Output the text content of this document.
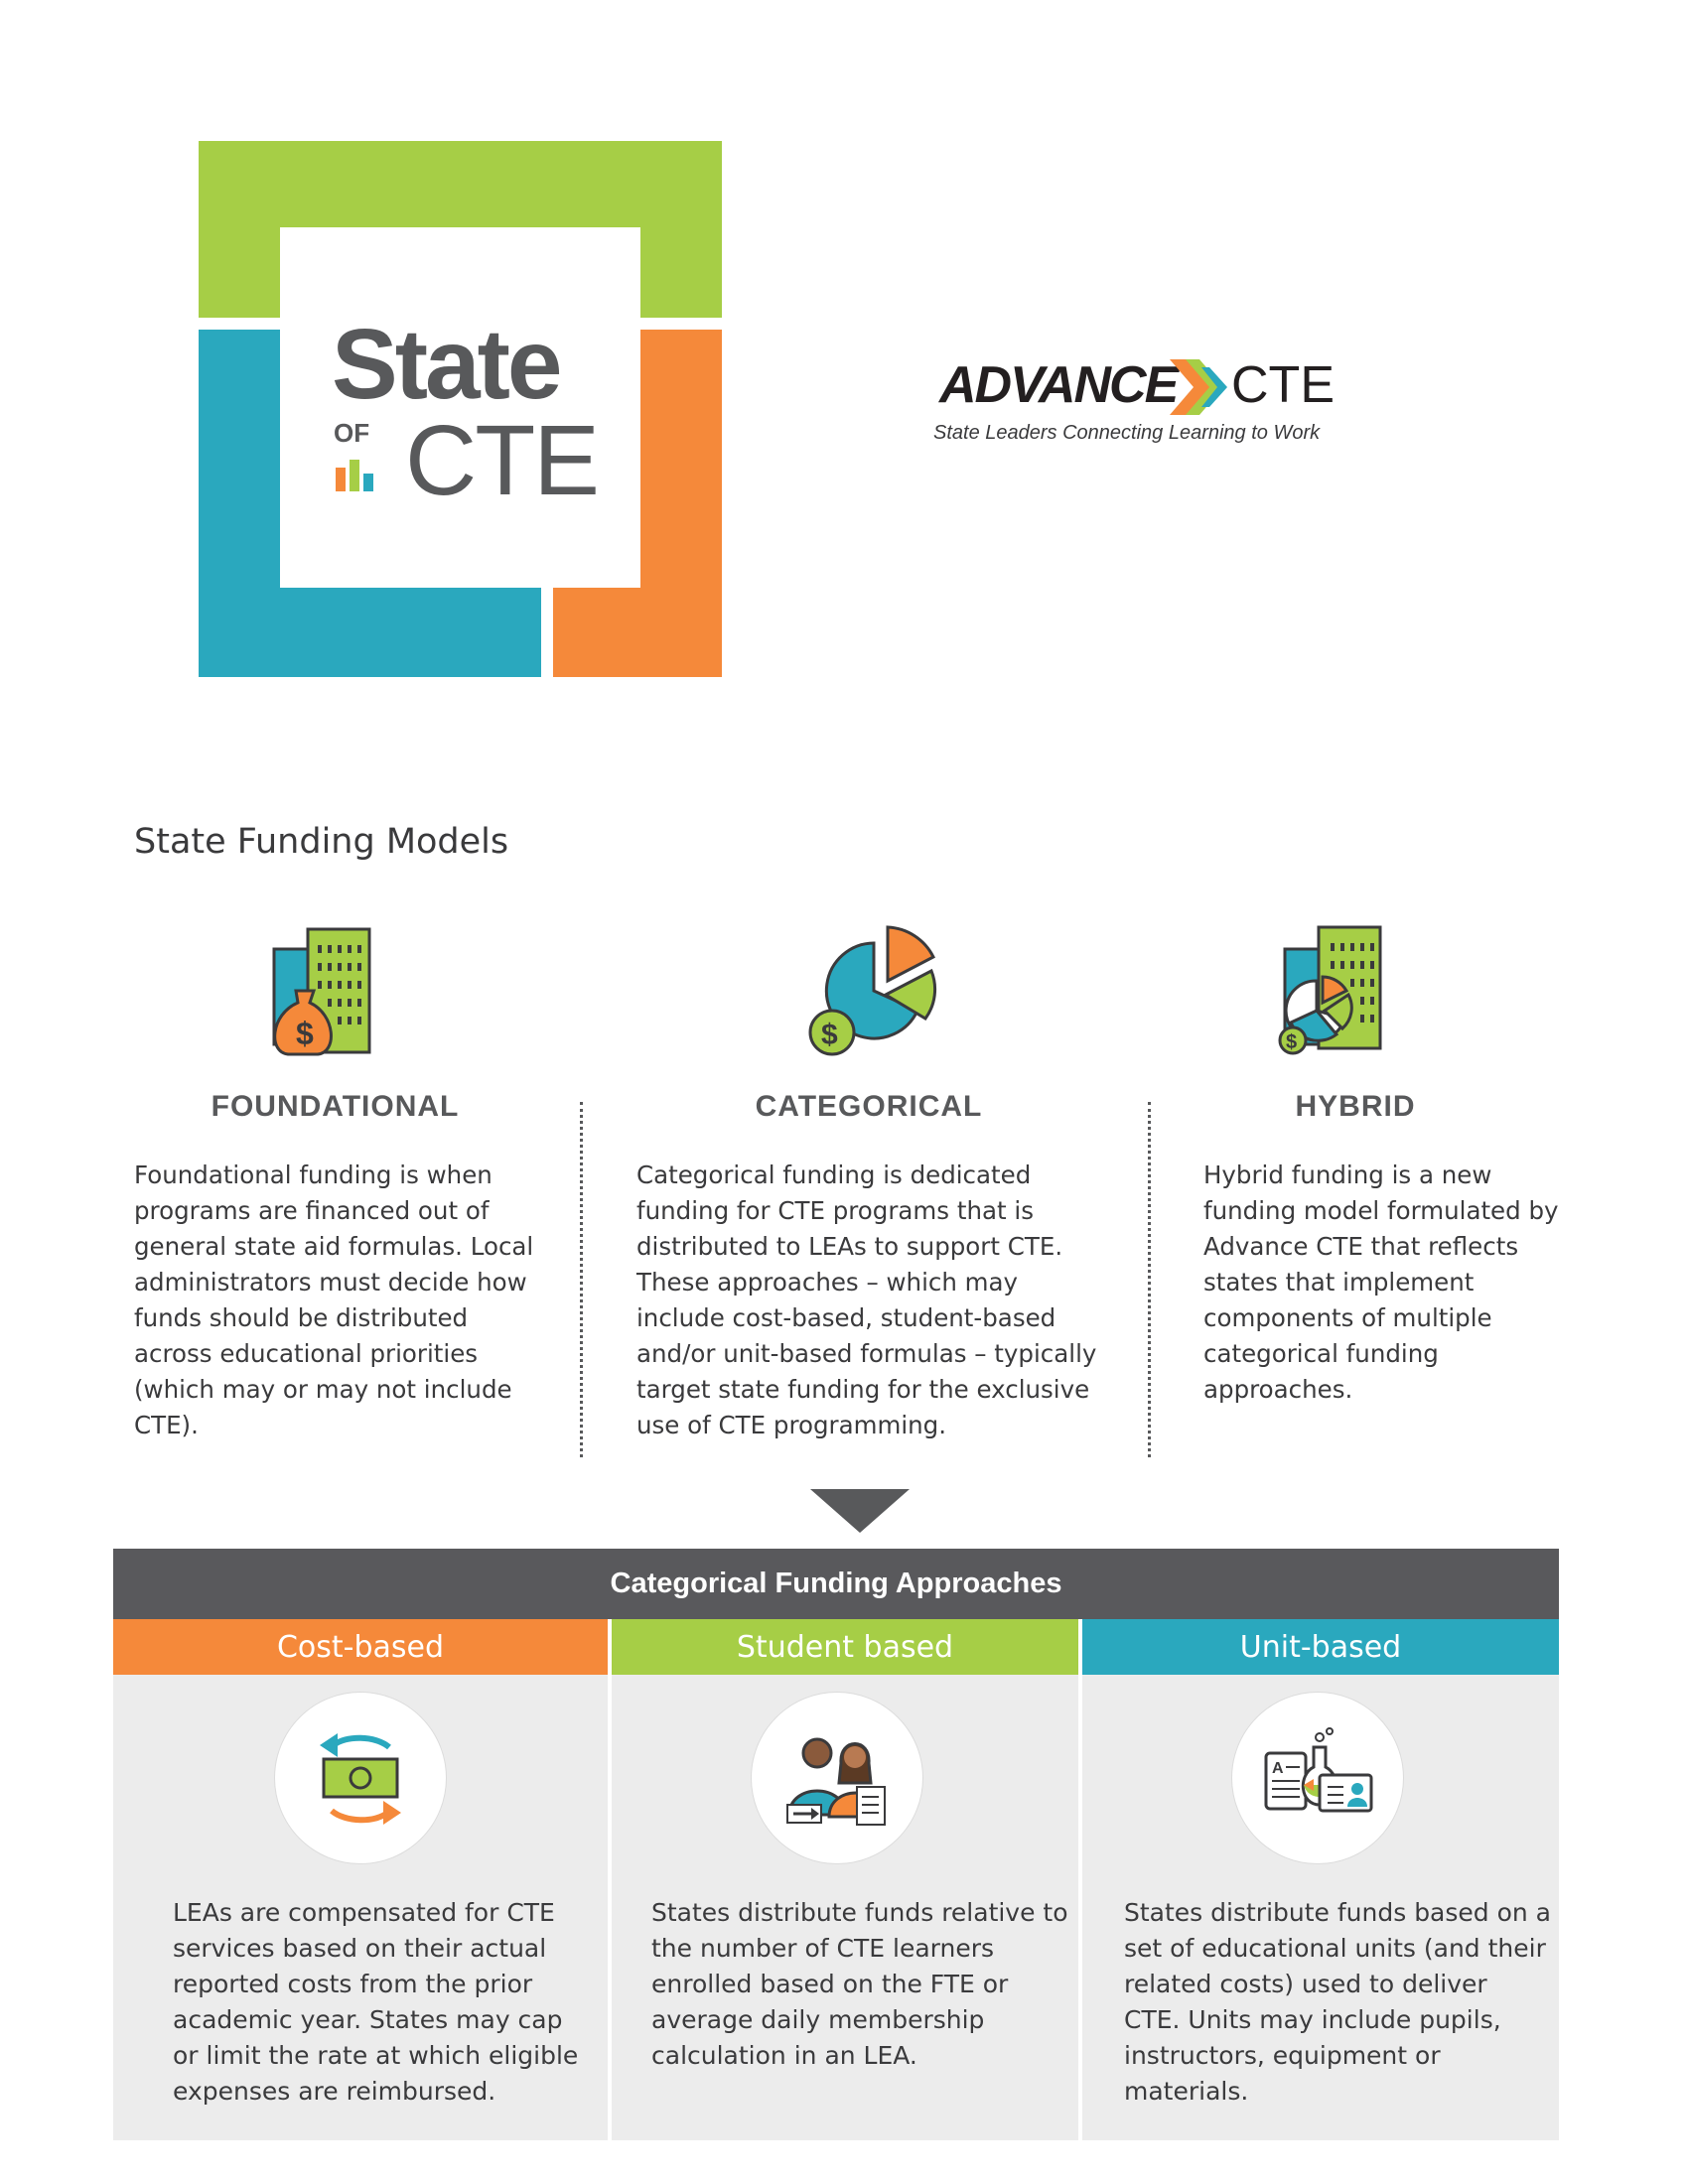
State
OF CTE
ADVANCE CTE
State Leaders Connecting Learning to Work
State Funding Models
$
FOUNDATIONAL
Foundational funding is when programs are financed out of general state aid formulas. Local administrators must decide how funds should be distributed across educational priorities (which may or may not include CTE).
$
CATEGORICAL
Categorical funding is dedicated funding for CTE programs that is distributed to LEAs to support CTE. These approaches – which may include cost-based, student-based and/or unit-based formulas – typically target state funding for the exclusive use of CTE programming.
$
HYBRID
Hybrid funding is a new funding model formulated by Advance CTE that reflects states that implement components of multiple categorical funding approaches.
Categorical Funding Approaches
Cost-based
LEAs are compensated for CTE services based on their actual reported costs from the prior academic year. States may cap or limit the rate at which eligible expenses are reimbursed.
Student based
States distribute funds relative to the number of CTE learners enrolled based on the FTE or average daily membership calculation in an LEA.
Unit-based
A
States distribute funds based on a set of educational units (and their related costs) used to deliver CTE. Units may include pupils, instructors, equipment or materials.
